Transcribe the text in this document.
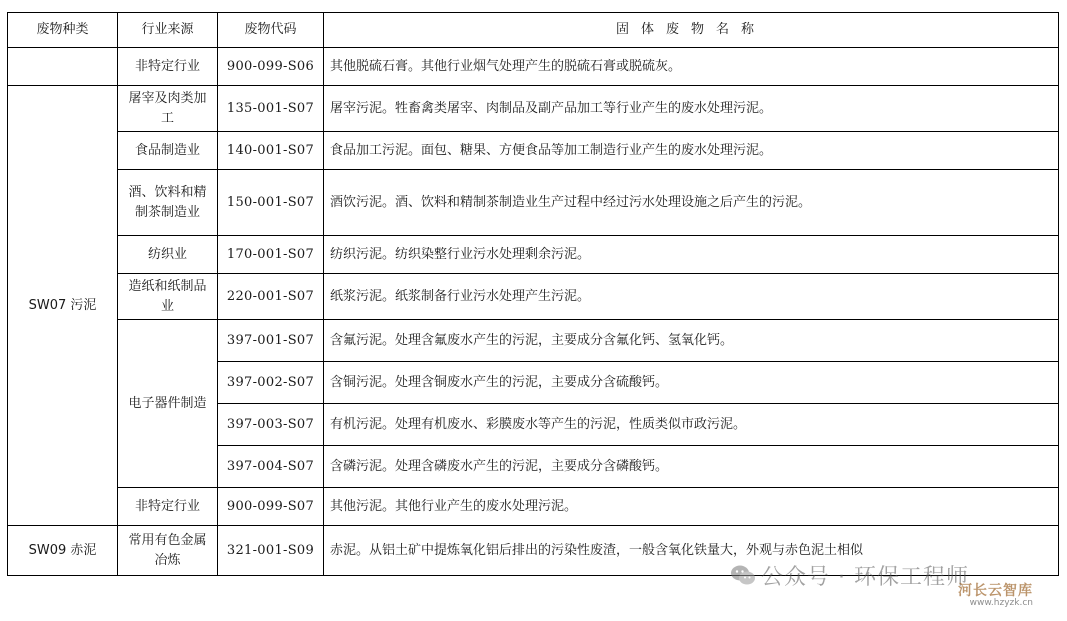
废物种类	行业来源	废物代码	固体废物名称
	非特定行业	900-099-S06	其他脱硫石膏。其他行业烟气处理产生的脱硫石膏或脱硫灰。
SW07 污泥	屠宰及肉类加工	135-001-S07	屠宰污泥。牲畜禽类屠宰、肉制品及副产品加工等行业产生的废水处理污泥。
	食品制造业	140-001-S07	食品加工污泥。面包、糖果、方便食品等加工制造行业产生的废水处理污泥。
	酒、饮料和精制茶制造业	150-001-S07	酒饮污泥。酒、饮料和精制茶制造业生产过程中经过污水处理设施之后产生的污泥。
	纺织业	170-001-S07	纺织污泥。纺织染整行业污水处理剩余污泥。
	造纸和纸制品业	220-001-S07	纸浆污泥。纸浆制备行业污水处理产生污泥。
	电子器件制造	397-001-S07	含氟污泥。处理含氟废水产生的污泥，主要成分含氟化钙、氢氧化钙。
		397-002-S07	含铜污泥。处理含铜废水产生的污泥，主要成分含硫酸钙。
		397-003-S07	有机污泥。处理有机废水、彩膜废水等产生的污泥，性质类似市政污泥。
		397-004-S07	含磷污泥。处理含磷废水产生的污泥，主要成分含磷酸钙。
	非特定行业	900-099-S07	其他污泥。其他行业产生的废水处理污泥。
SW09 赤泥	常用有色金属冶炼	321-001-S09	赤泥。从铝土矿中提炼氧化铝后排出的污染性废渣，一般含氧化铁量大，外观与赤色泥土相似
公众号 · 环保工程师
河长云智库
www.hzyzk.cn
